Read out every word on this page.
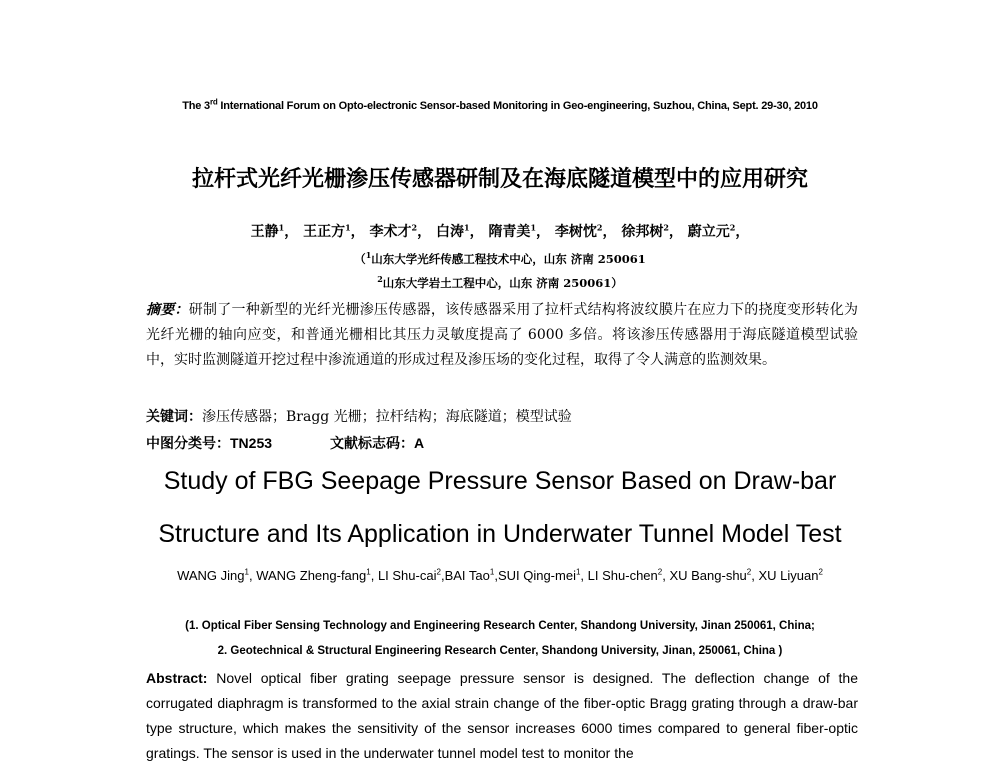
The 3rd International Forum on Opto-electronic Sensor-based Monitoring in Geo-engineering, Suzhou, China, Sept. 29-30, 2010
拉杆式光纤光栅渗压传感器研制及在海底隧道模型中的应用研究
王静$^1$， 王正方$^1$， 李术才$^2$， 白涛$^1$， 隋青美$^1$， 李树忱$^2$， 徐邦树$^2$， 蔚立元$^2$，
（$^1$山东大学光纤传感工程技术中心，山东 济南 250061
$^2$山东大学岩土工程中心，山东 济南 250061）
摘要：研制了一种新型的光纤光栅渗压传感器，该传感器采用了拉杆式结构将波纹膜片在应力下的挠度变形转化为光纤光栅的轴向应变，和普通光栅相比其压力灵敏度提高了 6000 多倍。将该渗压传感器用于海底隧道模型试验中，实时监测隧道开挖过程中渗流通道的形成过程及渗压场的变化过程，取得了令人满意的监测效果。
关键词：渗压传感器；Bragg 光栅；拉杆结构；海底隧道；模型试验
中图分类号：TN253	文献标志码：A
Study of FBG Seepage Pressure Sensor Based on Draw-bar
Structure and Its Application in Underwater Tunnel Model Test
WANG Jing$^1$, WANG Zheng-fang$^1$, LI Shu-cai$^2$,BAI Tao$^1$,SUI Qing-mei$^1$, LI Shu-chen$^2$, XU Bang-shu$^2$, XU Liyuan$^2$
(1. Optical Fiber Sensing Technology and Engineering Research Center, Shandong University, Jinan 250061, China;
2. Geotechnical & Structural Engineering Research Center, Shandong University, Jinan, 250061, China )
Abstract: Novel optical fiber grating seepage pressure sensor is designed. The deflection change of the corrugated diaphragm is transformed to the axial strain change of the fiber-optic Bragg grating through a draw-bar type structure, which makes the sensitivity of the sensor increases 6000 times compared to general fiber-optic gratings. The sensor is used in the underwater tunnel model test to monitor the
